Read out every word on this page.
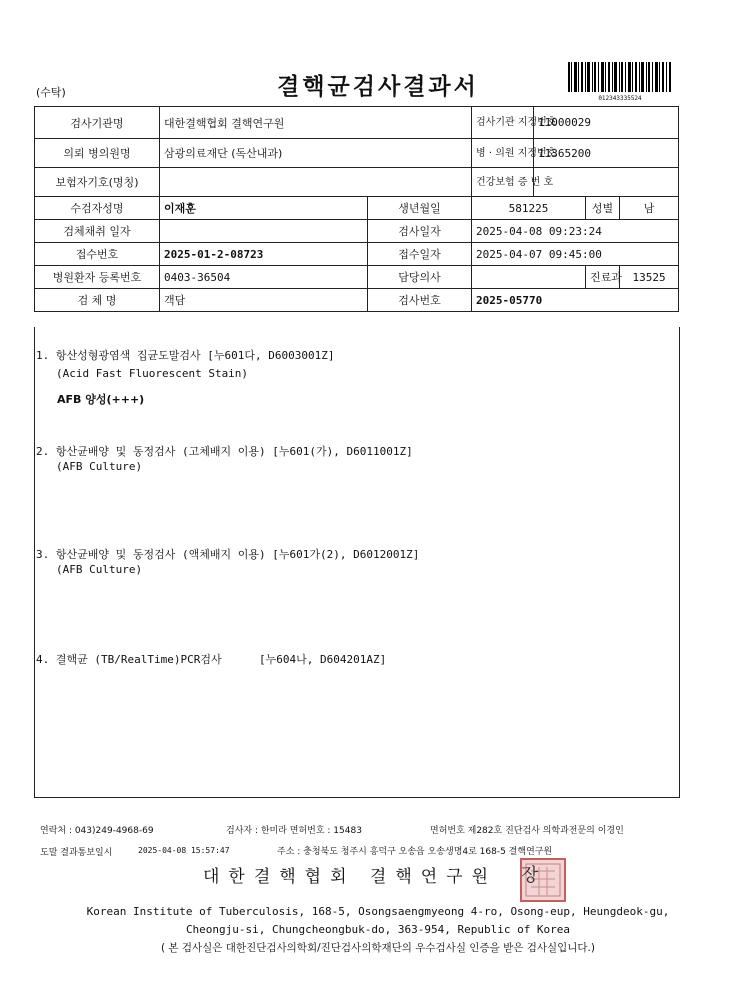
(수탁)	결핵균검사결과서	012343335524
검사기관명	대한결핵협회 결핵연구원		검사기관 지정번호	11000029		
의뢰 병의원명	삼광의료재단 (독산내과)		병 · 의원 지정번호	11365200		
보험자기호(명칭)			건강보험 증 번 호			
수검자성명	이재훈	생년월일	581225		성별	남
검체채취 일자		검사일자	2025-04-08 09:23:24			
접수번호	2025-01-2-08723	접수일자	2025-04-07 09:45:00			
병원환자 등록번호	0403-36504	담당의사			진료과	13525
검 체 명	객담	검사번호	2025-05770			
1. 항산성형광염색 집균도말검사 [누601다, D6003001Z]
(Acid Fast Fluorescent Stain)
AFB 양성(+++)
2. 항산균배양 및 동정검사 (고체배지 이용) [누601(가), D6011001Z]
(AFB Culture)
3. 항산균배양 및 동정검사 (액체배지 이용) [누601가(2), D6012001Z]
(AFB Culture)
4. 결핵균 (TB/RealTime)PCR검사	[누604나, D604201AZ]
연락처 : 043)249-4968-69	검사자 : 한미라 면허번호 : 15483	면허번호 제282호 진단검사 의학과전문의 이경인
도말 결과통보일시	2025-04-08 15:57:47	주소 : 충청북도 청주시 흥덕구 오송읍 오송생명4로 168-5 결핵연구원
대한결핵협회 결핵연구원	장
Korean Institute of Tuberculosis, 168-5, Osongsaengmyeong 4-ro, Osong-eup, Heungdeok-gu,
Cheongju-si, Chungcheongbuk-do, 363-954, Republic of Korea
( 본 검사실은 대한진단검사의학회/진단검사의학재단의 우수검사실 인증을 받은 검사실입니다.)
